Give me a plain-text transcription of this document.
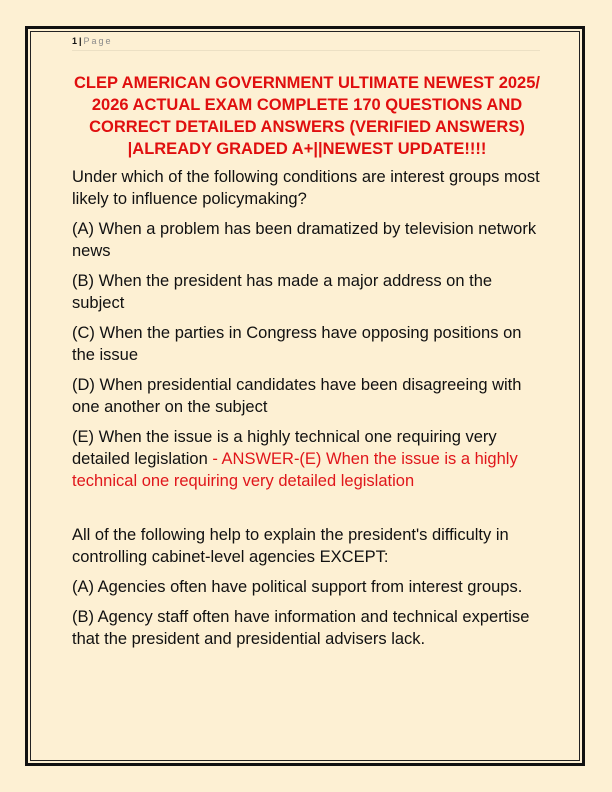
1 | Page
CLEP AMERICAN GOVERNMENT ULTIMATE NEWEST 2025/ 2026 ACTUAL EXAM COMPLETE 170 QUESTIONS AND CORRECT DETAILED ANSWERS (VERIFIED ANSWERS) |ALREADY GRADED A+||NEWEST UPDATE!!!!

Under which of the following conditions are interest groups most likely to influence policymaking?

(A) When a problem has been dramatized by television network news

(B) When the president has made a major address on the subject

(C) When the parties in Congress have opposing positions on the issue

(D) When presidential candidates have been disagreeing with one another on the subject

(E) When the issue is a highly technical one requiring very detailed legislation - ANSWER-(E) When the issue is a highly technical one requiring very detailed legislation

All of the following help to explain the president's difficulty in controlling cabinet-level agencies EXCEPT:

(A) Agencies often have political support from interest groups.

(B) Agency staff often have information and technical expertise that the president and presidential advisers lack.
